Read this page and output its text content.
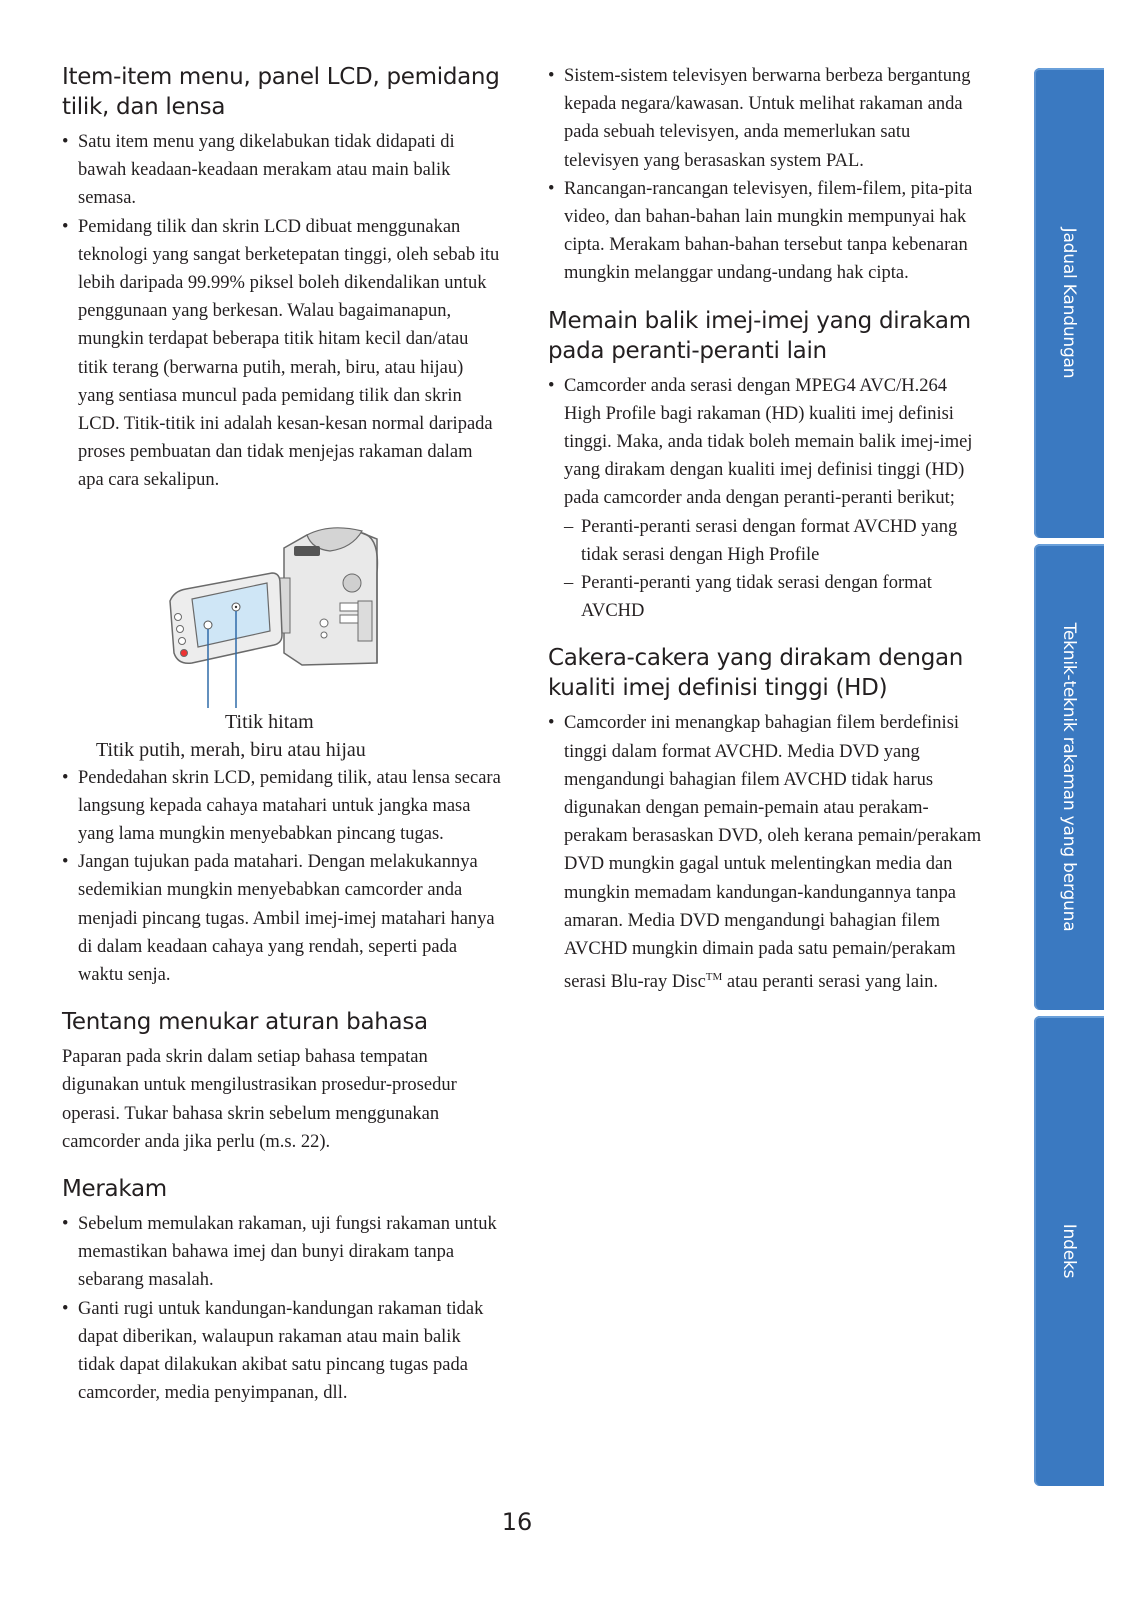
Item-item menu, panel LCD, pemidang tilik, dan lensa
• Satu item menu yang dikelabukan tidak didapati di bawah keadaan-keadaan merakam atau main balik semasa.
• Pemidang tilik dan skrin LCD dibuat menggunakan teknologi yang sangat berketepatan tinggi, oleh sebab itu lebih daripada 99.99% piksel boleh dikendalikan untuk penggunaan yang berkesan. Walau bagaimanapun, mungkin terdapat beberapa titik hitam kecil dan/atau titik terang (berwarna putih, merah, biru, atau hijau) yang sentiasa muncul pada pemidang tilik dan skrin LCD. Titik-titik ini adalah kesan-kesan normal daripada proses pembuatan dan tidak menjejas rakaman dalam apa cara sekalipun.

Titik hitam

Titik putih, merah, biru atau hijau

• Pendedahan skrin LCD, pemidang tilik, atau lensa secara langsung kepada cahaya matahari untuk jangka masa yang lama mungkin menyebabkan pincang tugas.
• Jangan tujukan pada matahari. Dengan melakukannya sedemikian mungkin menyebabkan camcorder anda menjadi pincang tugas. Ambil imej-imej matahari hanya di dalam keadaan cahaya yang rendah, seperti pada waktu senja.
Tentang menukar aturan bahasa

Paparan pada skrin dalam setiap bahasa tempatan digunakan untuk mengilustrasikan prosedur-prosedur operasi. Tukar bahasa skrin sebelum menggunakan camcorder anda jika perlu (m.s. 22).

Merakam
• Sebelum memulakan rakaman, uji fungsi rakaman untuk memastikan bahawa imej dan bunyi dirakam tanpa sebarang masalah.
• Ganti rugi untuk kandungan-kandungan rakaman tidak dapat diberikan, walaupun rakaman atau main balik tidak dapat dilakukan akibat satu pincang tugas pada camcorder, media penyimpanan, dll.
• Sistem-sistem televisyen berwarna berbeza bergantung kepada negara/kawasan. Untuk melihat rakaman anda pada sebuah televisyen, anda memerlukan satu televisyen yang berasaskan system PAL.
• Rancangan-rancangan televisyen, filem-filem, pita-pita video, dan bahan-bahan lain mungkin mempunyai hak cipta. Merakam bahan-bahan tersebut tanpa kebenaran mungkin melanggar undang-undang hak cipta.
Memain balik imej-imej yang dirakam pada peranti-peranti lain
• Camcorder anda serasi dengan MPEG4 AVC/H.264 High Profile bagi rakaman (HD) kualiti imej definisi tinggi. Maka, anda tidak boleh memain balik imej-imej yang dirakam dengan kualiti imej definisi tinggi (HD) pada camcorder anda dengan peranti-peranti berikut;
– Peranti-peranti serasi dengan format AVCHD yang tidak serasi dengan High Profile
– Peranti-peranti yang tidak serasi dengan format AVCHD
Cakera-cakera yang dirakam dengan kualiti imej definisi tinggi (HD)
• Camcorder ini menangkap bahagian filem berdefinisi tinggi dalam format AVCHD. Media DVD yang mengandungi bahagian filem AVCHD tidak harus digunakan dengan pemain-pemain atau perakam-perakam berasaskan DVD, oleh kerana pemain/perakam DVD mungkin gagal untuk melentingkan media dan mungkin memadam kandungan-kandungannya tanpa amaran. Media DVD mengandungi bahagian filem AVCHD mungkin dimain pada satu pemain/perakam serasi Blu-ray Disc™ atau peranti serasi yang lain.
Jadual Kandungan
Teknik-teknik rakaman yang berguna
Indeks
16
